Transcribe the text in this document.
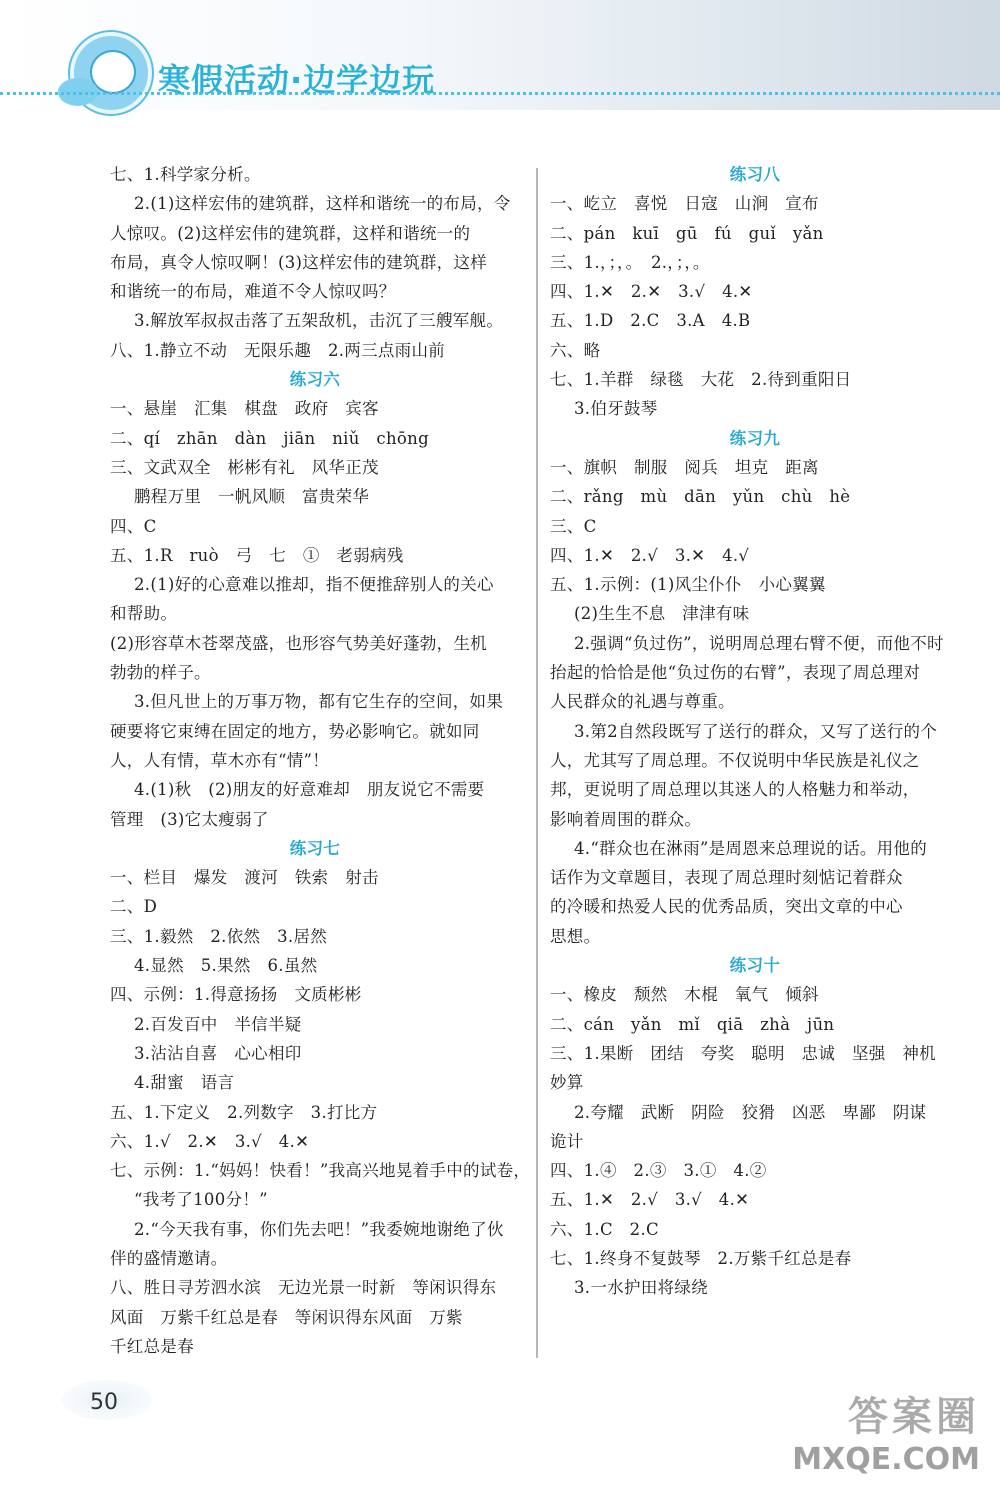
寒假活动·边学边玩
七、1.科学家分析。
2.(1)这样宏伟的建筑群，这样和谐统一的布局，令
人惊叹。(2)这样宏伟的建筑群，这样和谐统一的
布局，真令人惊叹啊！(3)这样宏伟的建筑群，这样
和谐统一的布局，难道不令人惊叹吗？
3.解放军叔叔击落了五架敌机，击沉了三艘军舰。
八、1.静立不动　无限乐趣　2.两三点雨山前
练习六
一、悬崖　汇集　棋盘　政府　宾客
二、qí　zhān　dàn　jiān　niǔ　chōng
三、文武双全　彬彬有礼　风华正茂
鹏程万里　一帆风顺　富贵荣华
四、C
五、1.R　ruò　弓　七　①　老弱病残
2.(1)好的心意难以推却，指不便推辞别人的关心
和帮助。
(2)形容草木苍翠茂盛，也形容气势美好蓬勃，生机
勃勃的样子。
3.但凡世上的万事万物，都有它生存的空间，如果
硬要将它束缚在固定的地方，势必影响它。就如同
人，人有情，草木亦有“情”！
4.(1)秋　(2)朋友的好意难却　朋友说它不需要
管理　(3)它太瘦弱了
练习七
一、栏目　爆发　渡河　铁索　射击
二、D
三、1.毅然　2.依然　3.居然
4.显然　5.果然　6.虽然
四、示例：1.得意扬扬　文质彬彬
2.百发百中　半信半疑
3.沾沾自喜　心心相印
4.甜蜜　语言
五、1.下定义　2.列数字　3.打比方
六、1.√　2.✕　3.√　4.✕
七、示例：1.“妈妈！快看！”我高兴地晃着手中的试卷，
“我考了100分！”
2.“今天我有事，你们先去吧！”我委婉地谢绝了伙
伴的盛情邀请。
八、胜日寻芳泗水滨　无边光景一时新　等闲识得东
风面　万紫千红总是春　等闲识得东风面　万紫
千红总是春
练习八
一、屹立　喜悦　日寇　山涧　宣布
二、pán　kuī　gū　fú　guǐ　yǎn
三、1.，；，。　2.，；，。
四、1.✕　2.✕　3.√　4.✕
五、1.D　2.C　3.A　4.B
六、略
七、1.羊群　绿毯　大花　2.待到重阳日
3.伯牙鼓琴
练习九
一、旗帜　制服　阅兵　坦克　距离
二、rǎng　mù　dān　yǔn　chù　hè
三、C
四、1.✕　2.√　3.✕　4.√
五、1.示例：(1)风尘仆仆　小心翼翼
(2)生生不息　津津有味
2.强调“负过伤”，说明周总理右臂不便，而他不时
抬起的恰恰是他“负过伤的右臂”，表现了周总理对
人民群众的礼遇与尊重。
3.第2自然段既写了送行的群众，又写了送行的个
人，尤其写了周总理。不仅说明中华民族是礼仪之
邦，更说明了周总理以其迷人的人格魅力和举动，
影响着周围的群众。
4.“群众也在淋雨”是周恩来总理说的话。用他的
话作为文章题目，表现了周总理时刻惦记着群众
的冷暖和热爱人民的优秀品质，突出文章的中心
思想。
练习十
一、橡皮　颓然　木棍　氧气　倾斜
二、cán　yǎn　mǐ　qiā　zhà　jūn
三、1.果断　团结　夸奖　聪明　忠诚　坚强　神机
妙算
2.夸耀　武断　阴险　狡猾　凶恶　卑鄙　阴谋
诡计
四、1.④　2.③　3.①　4.②
五、1.✕　2.√　3.√　4.✕
六、1.C　2.C
七、1.终身不复鼓琴　2.万紫千红总是春
3.一水护田将绿绕
50	答案圈
MXQE.COM
